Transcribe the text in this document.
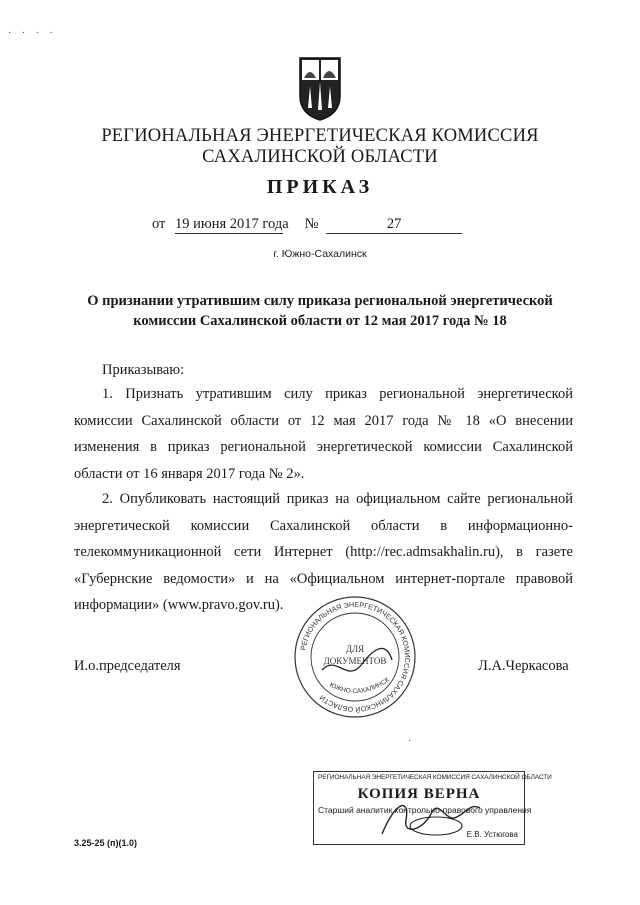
· · · ·
РЕГИОНАЛЬНАЯ ЭНЕРГЕТИЧЕСКАЯ КОМИССИЯ
САХАЛИНСКОЙ ОБЛАСТИ
ПРИКАЗ
от 19 июня 2017 года №	27
г. Южно-Сахалинск
О признании утратившим силу приказа региональной энергетической комиссии Сахалинской области от 12 мая 2017 года № 18
Приказываю:

1. Признать утратившим силу приказ региональной энергетической комиссии Сахалинской области от 12 мая 2017 года № 18 «О внесении изменения в приказ региональной энергетической комиссии Сахалинской области от 16 января 2017 года № 2».

2. Опубликовать настоящий приказ на официальном сайте региональной энергетической комиссии Сахалинской области в информационно-телекоммуникационной сети Интернет (http://rec.admsakhalin.ru), в газете «Губернские ведомости» и на «Официальном интернет-портале правовой информации» (www.pravo.gov.ru).

РЕГИОНАЛЬНАЯ ЭНЕРГЕТИЧЕСКАЯ КОМИССИЯ САХАЛИНСКОЙ ОБЛАСТИ
ЮЖНО-САХАЛИНСК
ДЛЯ
ДОКУМЕНТОВ
И.о.председателя	Л.А.Черкасова
·
РЕГИОНАЛЬНАЯ ЭНЕРГЕТИЧЕСКАЯ КОМИССИЯ САХАЛИНСКОЙ ОБЛАСТИ
КОПИЯ ВЕРНА
Старший аналитик контрольно-правового управления
Е.В. Устюгова
3.25-25 (п)(1.0)
